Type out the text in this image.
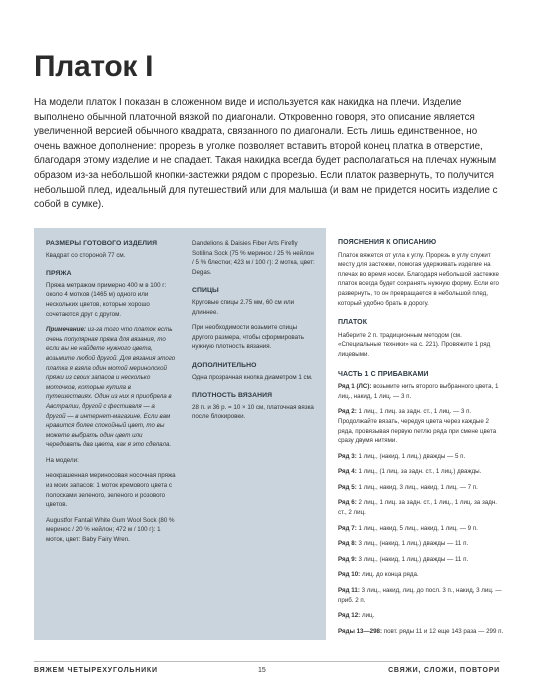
Платок I

На модели платок I показан в сложенном виде и используется как накидка на плечи. Изделие выполнено обычной платочной вязкой по диагонали. Откровенно говоря, это описание является увеличенной версией обычного квадрата, связанного по диагонали. Есть лишь единственное, но очень важное дополнение: прорезь в уголке позволяет вставить второй конец платка в отверстие, благодаря этому изделие и не спадает. Такая накидка всегда будет располагаться на плечах нужным образом из-за небольшой кнопки-застежки рядом с прорезью. Если платок развернуть, то получится небольшой плед, идеальный для путешествий или для малыша (и вам не придется носить изделие с собой в сумке).

РАЗМЕРЫ ГОТОВОГО ИЗДЕЛИЯ

Квадрат со стороной 77 см.

ПРЯЖА

Пряжа метражом примерно 400 м в 100 г: около 4 мотков (1465 м) одного или нескольких цветов, которые хорошо сочетаются друг с другом.

Примечание: из-за того что платок есть очень популярная пряжа для вязания, то если вы не найдете нужного цвета, возьмите любой другой. Для вязания этого платка я взяла один мотой меринолской пряжи из своих запасов и несколько моточков, которые купила в путешествиях. Один из них я приобрела в Австралии, другой с фестиваля — а другой — в интернет-магазине. Если вам нравится более спокойный цвет, то вы можете выбрать один цвет или чередовать два цвета, как я это сделала.

На модели:

неокрашенная мериносовая носочная пряжа из моих запасов: 1 моток кремового цвета с полосками зеленого, зеленого и розового цветов.

Augustfor Fantail White Gum Wool Sock (80 % меринос / 20 % нейлон; 472 м / 100 г): 1 моток, цвет: Baby Fairy Wren.

Dandelions & Daisies Fiber Arts Firefly Sotilina Sock (75 % меринос / 25 % нейлон / 5 % блестки; 423 м / 100 г): 2 мотка, цвет: Degas.

СПИЦЫ

Круговые спицы 2.75 мм, 60 см или длиннее.

При необходимости возьмите спицы другого размера, чтобы сформировать нужную плотность вязания.

ДОПОЛНИТЕЛЬНО

Одна прозрачная кнопка диаметром 1 см.

ПЛОТНОСТЬ ВЯЗАНИЯ

28 п. и 36 р. = 10 × 10 см, платочная вязка после блокировки.

ПОЯСНЕНИЯ К ОПИСАНИЮ

Платок вяжется от угла к углу. Прорезь в углу служит месту для застежки, помогая удерживать изделие на плечах во время носки. Благодаря небольшой застежке платок всегда будет сохранять нужную форму. Если его развернуть, то он превращается в небольшой плед, который удобно брать в дорогу.

ПЛАТОК

Наберите 2 п. традиционным методом (см. «Специальные техники» на с. 221). Провяжите 1 ряд лицевыми.

ЧАСТЬ 1 С ПРИБАВКАМИ

Ряд 1 (ЛС): возьмите нить второго выбранного цвета, 1 лиц., накид, 1 лиц. — 3 п.

Ряд 2: 1 лиц., 1 лиц. за задн. ст., 1 лиц. — 3 п. Продолжайте вязать, чередуя цвета через каждые 2 ряда, провязывая первую петлю ряда при смене цвета сразу двумя нитями.

Ряд 3: 1 лиц., (накид, 1 лиц.) дважды — 5 п.

Ряд 4: 1 лиц., (1 лиц. за задн. ст., 1 лиц.) дважды.

Ряд 5: 1 лиц., накид, 3 лиц., накид, 1 лиц. — 7 п.

Ряд 6: 2 лиц., 1 лиц. за задн. ст., 1 лиц., 1 лиц. за задн. ст., 2 лиц.

Ряд 7: 1 лиц., накид, 5 лиц., накид, 1 лиц. — 9 п.

Ряд 8: 3 лиц., (накид, 1 лиц.) дважды — 11 п.

Ряд 9: 3 лиц., (накид, 1 лиц.) дважды — 11 п.

Ряд 10: лиц. до конца ряда.

Ряд 11: 3 лиц., накид, лиц. до посл. 3 п., накид, 3 лиц. — приб. 2 п.

Ряд 12: лиц.

Ряды 13—298: повт. ряды 11 и 12 еще 143 раза — 299 п.

ВЯЖЕМ ЧЕТЫРЕХУГОЛЬНИКИ	15	СВЯЖИ, СЛОЖИ, ПОВТОРИ
